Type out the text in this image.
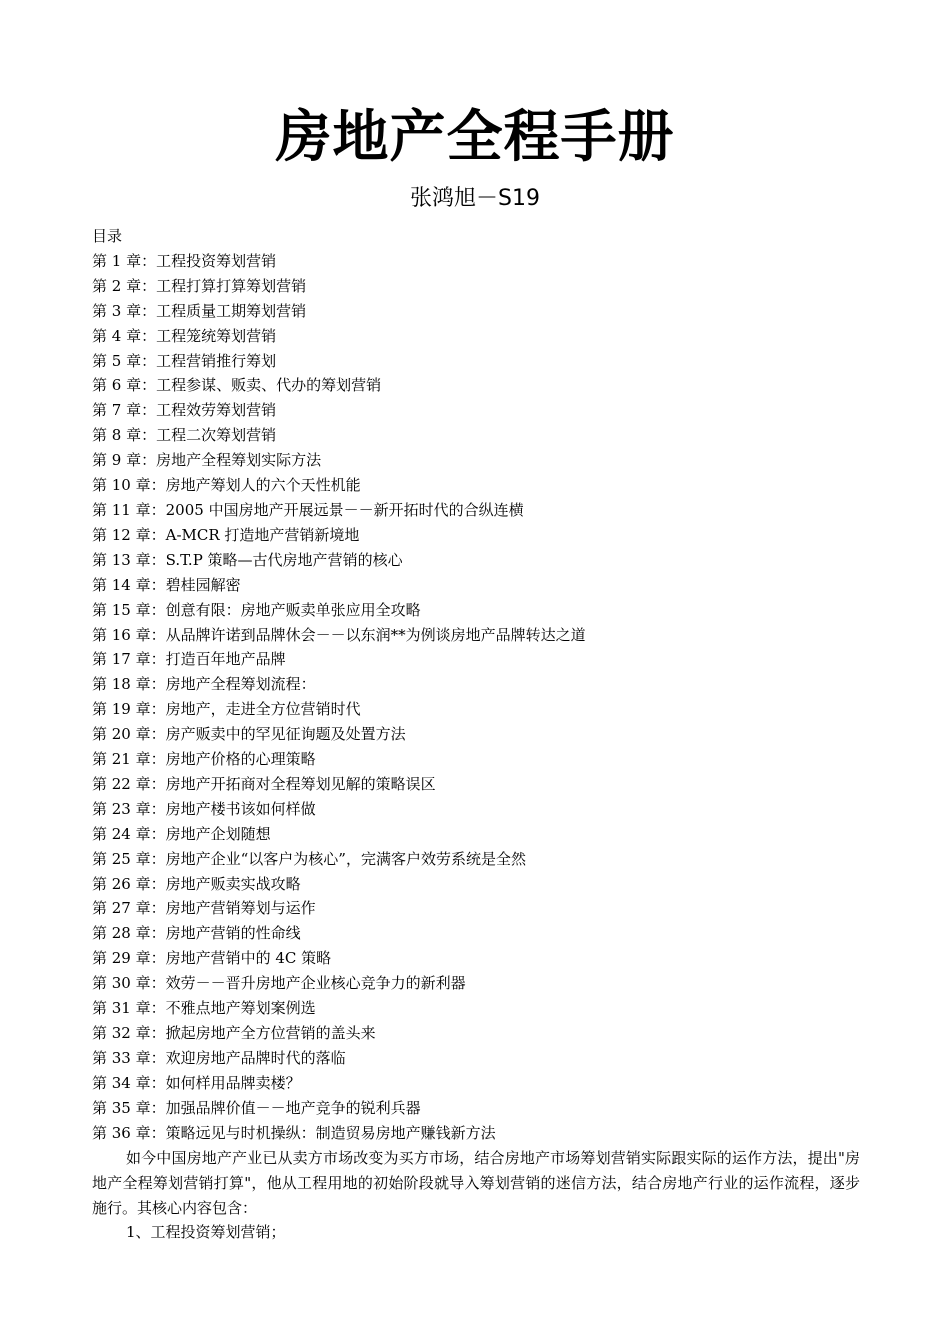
房地产全程手册
张鸿旭－S19
目录
第 1 章：工程投资筹划营销
第 2 章：工程打算打算筹划营销
第 3 章：工程质量工期筹划营销
第 4 章：工程笼统筹划营销
第 5 章：工程营销推行筹划
第 6 章：工程参谋、贩卖、代办的筹划营销
第 7 章：工程效劳筹划营销
第 8 章：工程二次筹划营销
第 9 章：房地产全程筹划实际方法
第 10 章：房地产筹划人的六个天性机能
第 11 章：2005 中国房地产开展远景－－新开拓时代的合纵连横
第 12 章：A-MCR 打造地产营销新境地
第 13 章：S.T.P 策略—古代房地产营销的核心
第 14 章：碧桂园解密
第 15 章：创意有限：房地产贩卖单张应用全攻略
第 16 章：从品牌许诺到品牌休会－－以东润**为例谈房地产品牌转达之道
第 17 章：打造百年地产品牌
第 18 章：房地产全程筹划流程：
第 19 章：房地产，走进全方位营销时代
第 20 章：房产贩卖中的罕见征询题及处置方法
第 21 章：房地产价格的心理策略
第 22 章：房地产开拓商对全程筹划见解的策略误区
第 23 章：房地产楼书该如何样做
第 24 章：房地产企划随想
第 25 章：房地产企业“以客户为核心”，完满客户效劳系统是全然
第 26 章：房地产贩卖实战攻略
第 27 章：房地产营销筹划与运作
第 28 章：房地产营销的性命线
第 29 章：房地产营销中的 4C 策略
第 30 章：效劳－－晋升房地产企业核心竞争力的新利器
第 31 章：不雅点地产筹划案例选
第 32 章：掀起房地产全方位营销的盖头来
第 33 章：欢迎房地产品牌时代的落临
第 34 章：如何样用品牌卖楼？
第 35 章：加强品牌价值－－地产竞争的锐利兵器
第 36 章：策略远见与时机操纵：制造贸易房地产赚钱新方法

如今中国房地产产业已从卖方市场改变为买方市场，结合房地产市场筹划营销实际跟实际的运作方法，提出"房地产全程筹划营销打算"，他从工程用地的初始阶段就导入筹划营销的迷信方法，结合房地产行业的运作流程，逐步施行。其核心内容包含：

1、工程投资筹划营销；
